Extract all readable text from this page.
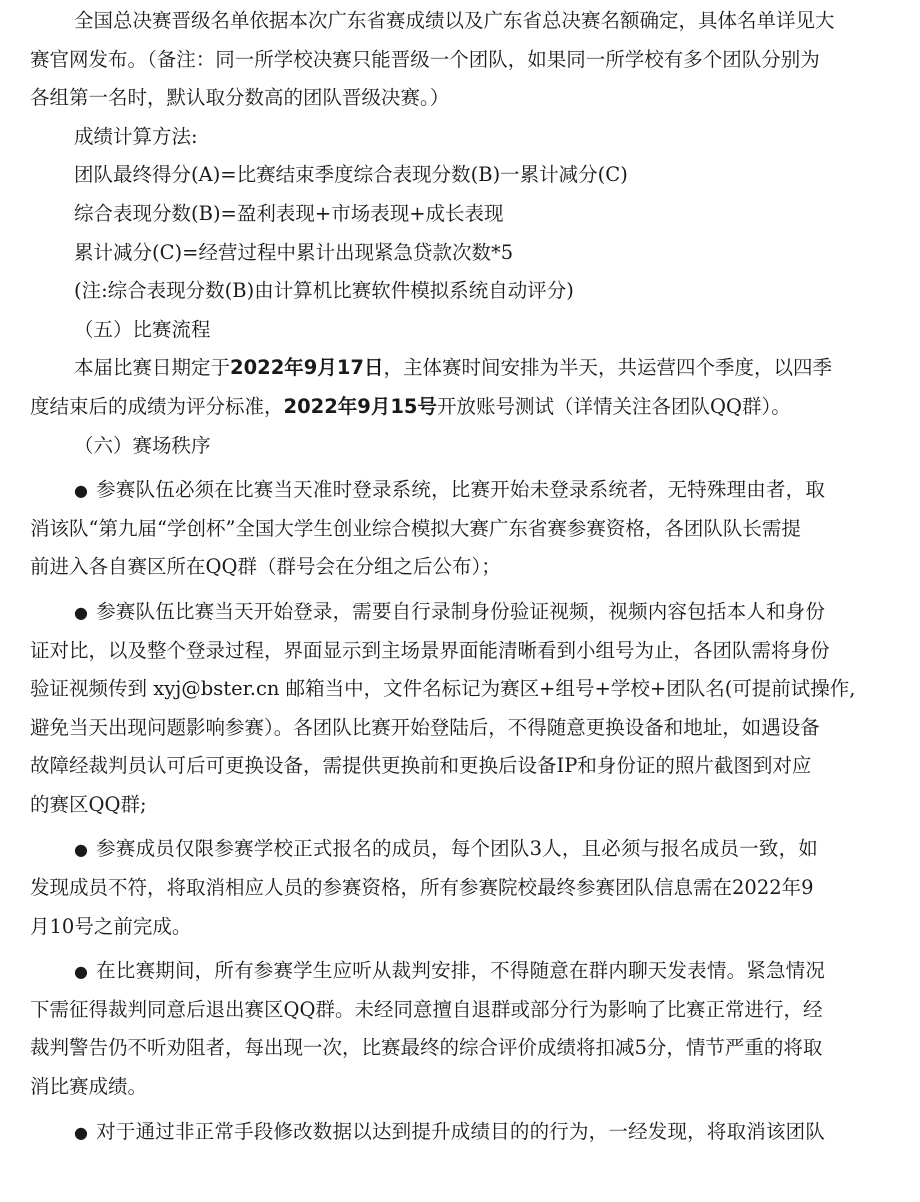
全国总决赛晋级名单依据本次广东省赛成绩以及广东省总决赛名额确定，具体名单详见大
赛官网发布。（备注：同一所学校决赛只能晋级一个团队，如果同一所学校有多个团队分别为
各组第一名时，默认取分数高的团队晋级决赛。）
成绩计算方法:
团队最终得分(A)=比赛结束季度综合表现分数(B)一累计减分(C)
综合表现分数(B)=盈利表现+市场表现+成长表现
累计减分(C)=经营过程中累计出现紧急贷款次数*5
(注:综合表现分数(B)由计算机比赛软件模拟系统自动评分)
（五）比赛流程
本届比赛日期定于2022年9月17日，主体赛时间安排为半天，共运营四个季度，以四季
度结束后的成绩为评分标准，2022年9月15号开放账号测试（详情关注各团队QQ群）。
（六）赛场秩序
● 参赛队伍必须在比赛当天准时登录系统，比赛开始未登录系统者，无特殊理由者，取
消该队“第九届“学创杯”全国大学生创业综合模拟大赛广东省赛参赛资格，各团队队长需提
前进入各自赛区所在QQ群（群号会在分组之后公布）；
● 参赛队伍比赛当天开始登录，需要自行录制身份验证视频，视频内容包括本人和身份
证对比，以及整个登录过程，界面显示到主场景界面能清晰看到小组号为止，各团队需将身份
验证视频传到 xyj@bster.cn 邮箱当中，文件名标记为赛区+组号+学校+团队名(可提前试操作,
避免当天出现问题影响参赛）。各团队比赛开始登陆后，不得随意更换设备和地址，如遇设备
故障经裁判员认可后可更换设备，需提供更换前和更换后设备IP和身份证的照片截图到对应
的赛区QQ群;
● 参赛成员仅限参赛学校正式报名的成员，每个团队3人，且必须与报名成员一致，如
发现成员不符，将取消相应人员的参赛资格，所有参赛院校最终参赛团队信息需在2022年9
月10号之前完成。
● 在比赛期间，所有参赛学生应听从裁判安排，不得随意在群内聊天发表情。紧急情况
下需征得裁判同意后退出赛区QQ群。未经同意擅自退群或部分行为影响了比赛正常进行，经
裁判警告仍不听劝阻者，每出现一次，比赛最终的综合评价成绩将扣减5分，情节严重的将取
消比赛成绩。
● 对于通过非正常手段修改数据以达到提升成绩目的的行为，一经发现，将取消该团队
